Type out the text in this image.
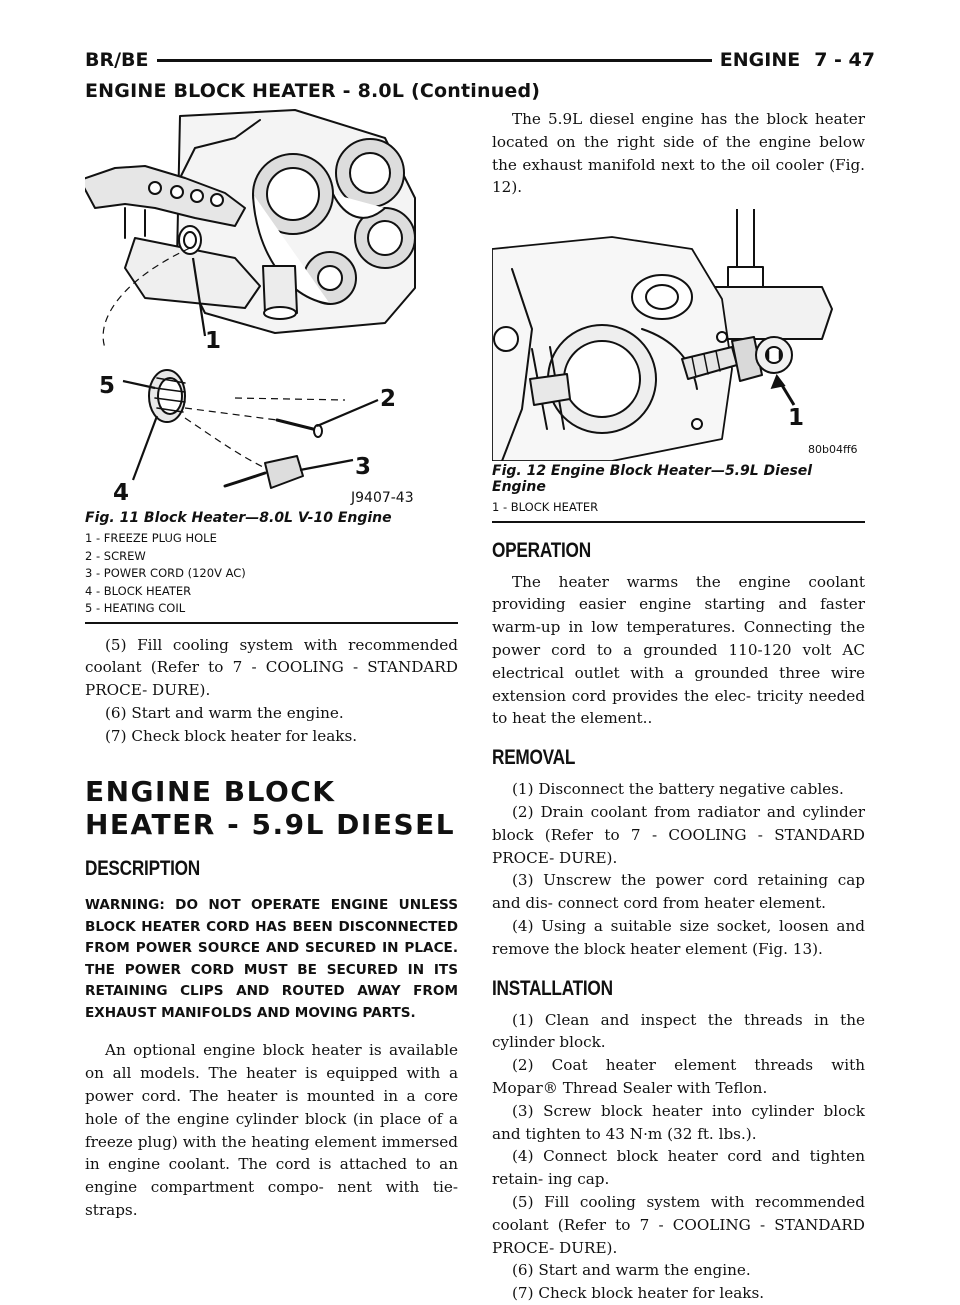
BR/BE	ENGINE 7 - 47
ENGINE BLOCK HEATER - 8.0L (Continued)
1
5	2
3
4	J9407-43
Fig. 11 Block Heater—8.0L V-10 Engine
1 - FREEZE PLUG HOLE
2 - SCREW
3 - POWER CORD (120V AC)
4 - BLOCK HEATER
5 - HEATING COIL

(5) Fill cooling system with recommended coolant (Refer to 7 - COOLING - STANDARD PROCE- DURE).

(6) Start and warm the engine.

(7) Check block heater for leaks.

ENGINE BLOCK HEATER - 5.9L DIESEL
DESCRIPTION
WARNING: DO NOT OPERATE ENGINE UNLESS BLOCK HEATER CORD HAS BEEN DISCONNECTED FROM POWER SOURCE AND SECURED IN PLACE. THE POWER CORD MUST BE SECURED IN ITS RETAINING CLIPS AND ROUTED AWAY FROM EXHAUST MANIFOLDS AND MOVING PARTS.

An optional engine block heater is available on all models. The heater is equipped with a power cord. The heater is mounted in a core hole of the engine cylinder block (in place of a freeze plug) with the heating element immersed in engine coolant. The cord is attached to an engine compartment compo- nent with tie-straps.

The 5.9L diesel engine has the block heater located on the right side of the engine below the exhaust manifold next to the oil cooler (Fig. 12).

1
80b04ff6
Fig. 12 Engine Block Heater—5.9L Diesel Engine
1 - BLOCK HEATER
OPERATION

The heater warms the engine coolant providing easier engine starting and faster warm-up in low temperatures. Connecting the power cord to a grounded 110-120 volt AC electrical outlet with a grounded three wire extension cord provides the elec- tricity needed to heat the element..

REMOVAL

(1) Disconnect the battery negative cables.

(2) Drain coolant from radiator and cylinder block (Refer to 7 - COOLING - STANDARD PROCE- DURE).

(3) Unscrew the power cord retaining cap and dis- connect cord from heater element.

(4) Using a suitable size socket, loosen and remove the block heater element (Fig. 13).

INSTALLATION

(1) Clean and inspect the threads in the cylinder block.

(2) Coat heater element threads with Mopar® Thread Sealer with Teflon.

(3) Screw block heater into cylinder block and tighten to 43 N·m (32 ft. lbs.).

(4) Connect block heater cord and tighten retain- ing cap.

(5) Fill cooling system with recommended coolant (Refer to 7 - COOLING - STANDARD PROCE- DURE).

(6) Start and warm the engine.

(7) Check block heater for leaks.
